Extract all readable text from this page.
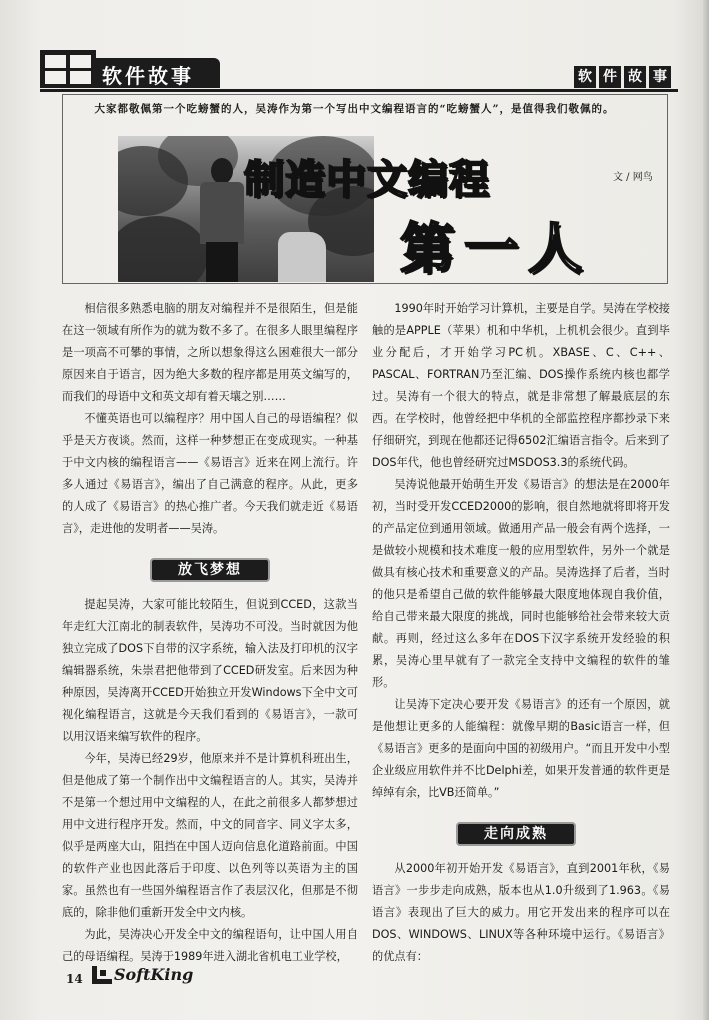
软件故事	软 件 故 事
大家都敬佩第一个吃螃蟹的人，吴涛作为第一个写出中文编程语言的“吃螃蟹人”，是值得我们敬佩的。
制造中文编程
第一人
文 / 网鸟

相信很多熟悉电脑的朋友对编程并不是很陌生，但是能在这一领域有所作为的就为数不多了。在很多人眼里编程序是一项高不可攀的事情，之所以想象得这么困难很大一部分原因来自于语言，因为绝大多数的程序都是用英文编写的，而我们的母语中文和英文却有着天壤之别……

不懂英语也可以编程序？用中国人自己的母语编程？似乎是天方夜谈。然而，这样一种梦想正在变成现实。一种基于中文内核的编程语言——《易语言》近来在网上流行。许多人通过《易语言》，编出了自己满意的程序。从此，更多的人成了《易语言》的热心推广者。今天我们就走近《易语言》，走进他的发明者——吴涛。

放飞梦想

提起吴涛，大家可能比较陌生，但说到CCED，这款当年走红大江南北的制表软件，吴涛功不可没。当时就因为他独立完成了DOS下自带的汉字系统，输入法及打印机的汉字编辑器系统，朱崇君把他带到了CCED研发室。后来因为种种原因，吴涛离开CCED开始独立开发Windows下全中文可视化编程语言，这就是今天我们看到的《易语言》，一款可以用汉语来编写软件的程序。

今年，吴涛已经29岁，他原来并不是计算机科班出生，但是他成了第一个制作出中文编程语言的人。其实，吴涛并不是第一个想过用中文编程的人，在此之前很多人都梦想过用中文进行程序开发。然而，中文的同音字、同义字太多，似乎是两座大山，阻挡在中国人迈向信息化道路前面。中国的软件产业也因此落后于印度、以色列等以英语为主的国家。虽然也有一些国外编程语言作了表层汉化，但那是不彻底的，除非他们重新开发全中文内核。

为此，吴涛决心开发全中文的编程语句，让中国人用自己的母语编程。吴涛于1989年进入湖北省机电工业学校，

1990年时开始学习计算机，主要是自学。吴涛在学校接触的是APPLE（苹果）机和中华机，上机机会很少。直到毕业分配后，才开始学习PC机。XBASE、C、C++、PASCAL、FORTRAN乃至汇编、DOS操作系统内核也都学过。吴涛有一个很大的特点，就是非常想了解最底层的东西。在学校时，他曾经把中华机的全部监控程序都抄录下来仔细研究，到现在他都还记得6502汇编语言指令。后来到了DOS年代，他也曾经研究过MSDOS3.3的系统代码。

吴涛说他最开始萌生开发《易语言》的想法是在2000年初，当时受开发CCED2000的影响，很自然地就将即将开发的产品定位到通用领域。做通用产品一般会有两个选择，一是做较小规模和技术难度一般的应用型软件，另外一个就是做具有核心技术和重要意义的产品。吴涛选择了后者，当时的他只是希望自己做的软件能够最大限度地体现自我价值，给自己带来最大限度的挑战，同时也能够给社会带来较大贡献。再则，经过这么多年在DOS下汉字系统开发经验的积累，吴涛心里早就有了一款完全支持中文编程的软件的雏形。

让吴涛下定决心要开发《易语言》的还有一个原因，就是他想让更多的人能编程：就像早期的Basic语言一样，但《易语言》更多的是面向中国的初级用户。“而且开发中小型企业级应用软件并不比Delphi差，如果开发普通的软件更是绰绰有余，比VB还简单。”

走向成熟

从2000年初开始开发《易语言》，直到2001年秋，《易语言》一步步走向成熟，版本也从1.0升级到了1.963。《易语言》表现出了巨大的威力。用它开发出来的程序可以在DOS、WINDOWS、LINUX等各种环境中运行。《易语言》的优点有：

14 SoftKing
